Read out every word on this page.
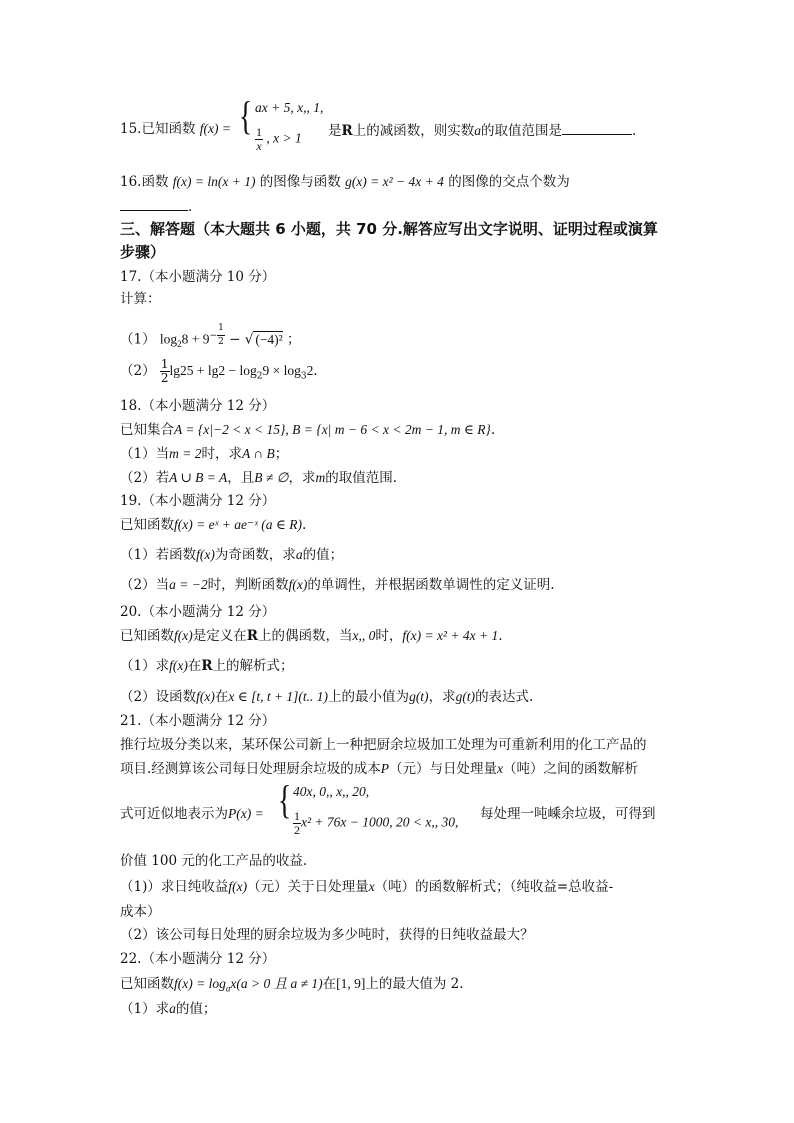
15.已知函数 f(x) = { ax + 5, x,, 1,
$\frac{1}{x}$ , x > 1 是R上的减函数，则实数a的取值范围是	.
16.函数 f(x) = ln(x + 1) 的图像与函数 g(x) = x² − 4x + 4 的图像的交点个数为
.
三、解答题（本大题共 6 小题，共 70 分.解答应写出文字说明、证明过程或演算
步骤）
17.（本小题满分 10 分）
计算：
（1） $\log_28 + 9^{- \frac{1}{2}}$ − √ (−4)² ；
$(2) \frac{1}{2} \lg 25 + \lg 2 - \log_29 \times \log_32$.
18.（本小题满分 12 分）
已知集合A = {x|−2 < x < 15}, B = {x| m − 6 < x < 2m − 1, m ∈ R}.
（1）当m = 2时，求A ∩ B；
（2）若A ∪ B = A，且B ≠ ∅，求m的取值范围.
19.（本小题满分 12 分）
已知函数f(x) = eˣ + ae⁻ˣ (a ∈ R).
（1）若函数f(x)为奇函数，求a的值；
（2）当a = −2时，判断函数f(x)的单调性，并根据函数单调性的定义证明.
20.（本小题满分 12 分）
已知函数f(x)是定义在R上的偶函数，当x,, 0时，f(x) = x² + 4x + 1.
（1）求f(x)在R上的解析式；
（2）设函数f(x)在x ∈ [t, t + 1](t.. 1)上的最小值为g(t)，求g(t)的表达式.
21.（本小题满分 12 分）
推行垃圾分类以来，某环保公司新上一种把厨余垃圾加工处理为可重新利用的化工产品的
项目.经测算该公司每日处理厨余垃圾的成本P（元）与日处理量x（吨）之间的函数解析
式可近似地表示为P(x) = { 40x, 0,, x,, 20,
$\frac{1}{2} x^2 + 76x - 1000$, 20 < x,, 30,
每处理一吨嵊余垃圾，可得到
价值 100 元的化工产品的收益.
（1)）求日纯收益f(x)（元）关于日处理量x（吨）的函数解析式；（纯收益=总收益-
成本）
（2）该公司每日处理的厨余垃圾为多少吨时，获得的日纯收益最大？
22.（本小题满分 12 分）
已知函数$f(x) = \log_ax(a > 0$ 且 a ≠ 1)在[1, 9]上的最大值为 2.
（1）求a的值；
